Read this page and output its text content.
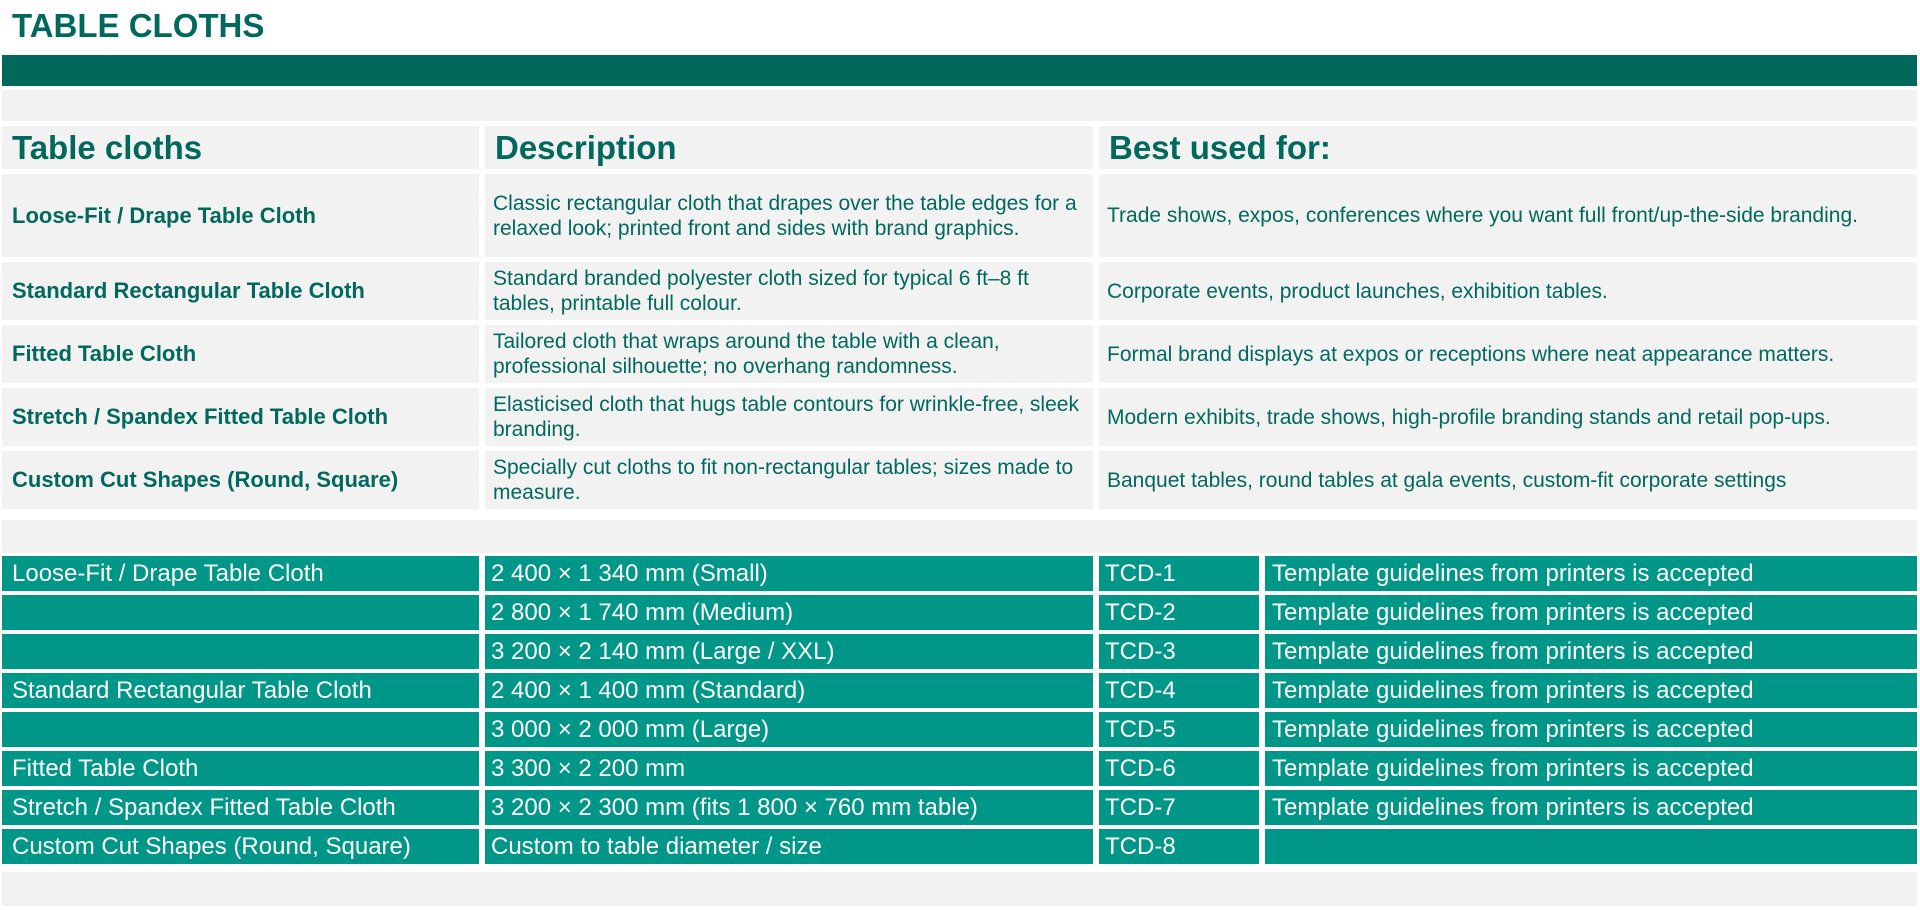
TABLE CLOTHS
Table cloths	Description	Best used for:

Loose-Fit / Drape Table Cloth	Classic rectangular cloth that drapes over the table edges for a relaxed look; printed front and sides with brand graphics.	Trade shows, expos, conferences where you want full front/up-the-side branding.

Standard Rectangular Table Cloth	Standard branded polyester cloth sized for typical 6 ft–8 ft tables, printable full colour.	Corporate events, product launches, exhibition tables.

Fitted Table Cloth	Tailored cloth that wraps around the table with a clean, professional silhouette; no overhang randomness.	Formal brand displays at expos or receptions where neat appearance matters.

Stretch / Spandex Fitted Table Cloth	Elasticised cloth that hugs table contours for wrinkle-free, sleek branding.	Modern exhibits, trade shows, high-profile branding stands and retail pop-ups.

Custom Cut Shapes (Round, Square)	Specially cut cloths to fit non-rectangular tables; sizes made to measure.	Banquet tables, round tables at gala events, custom-fit corporate settings
Loose-Fit / Drape Table Cloth	2 400 × 1 340 mm (Small)	TCD-1	Template guidelines from printers is accepted

	2 800 × 1 740 mm (Medium)	TCD-2	Template guidelines from printers is accepted

	3 200 × 2 140 mm (Large / XXL)	TCD-3	Template guidelines from printers is accepted

Standard Rectangular Table Cloth	2 400 × 1 400 mm (Standard)	TCD-4	Template guidelines from printers is accepted

	3 000 × 2 000 mm (Large)	TCD-5	Template guidelines from printers is accepted

Fitted Table Cloth	3 300 × 2 200 mm	TCD-6	Template guidelines from printers is accepted

Stretch / Spandex Fitted Table Cloth	3 200 × 2 300 mm (fits 1 800 × 760 mm table)	TCD-7	Template guidelines from printers is accepted

Custom Cut Shapes (Round, Square)	Custom to table diameter / size	TCD-8	
